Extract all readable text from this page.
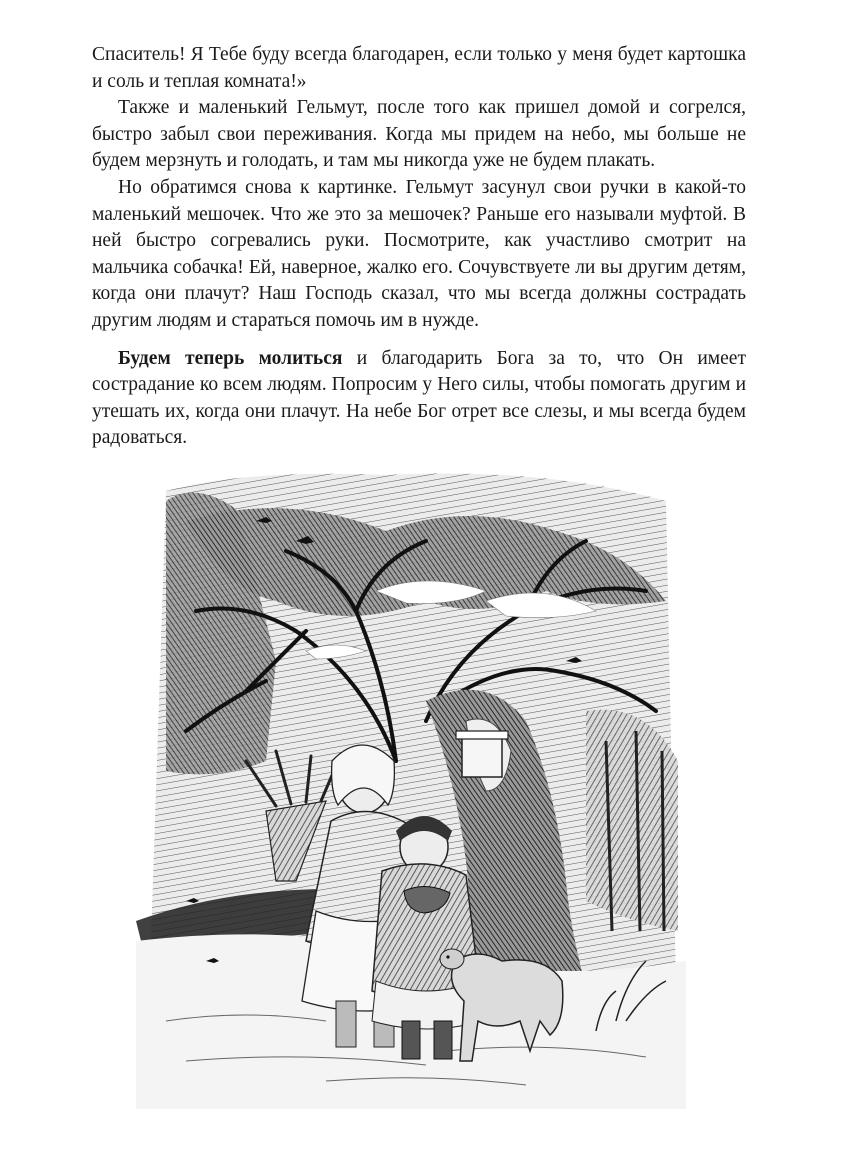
Спаситель! Я Тебе буду всегда благодарен, если только у меня будет картошка и соль и теплая комната!»

Также и маленький Гельмут, после того как пришел домой и согрелся, быстро забыл свои переживания. Когда мы придем на небо, мы больше не будем мерзнуть и голодать, и там мы никогда уже не будем плакать.

Но обратимся снова к картинке. Гельмут засунул свои ручки в какой-то маленький мешочек. Что же это за мешочек? Раньше его называли муфтой. В ней быстро согревались руки. Посмотрите, как участливо смотрит на мальчика собачка! Ей, наверное, жалко его. Сочувствуете ли вы другим детям, когда они плачут? Наш Господь сказал, что мы всегда должны сострадать другим людям и стараться помочь им в нужде.

Будем теперь молиться и благодарить Бога за то, что Он имеет сострадание ко всем людям. Попросим у Него силы, чтобы помогать другим и утешать их, когда они плачут. На небе Бог отрет все слезы, и мы всегда будем радоваться.
